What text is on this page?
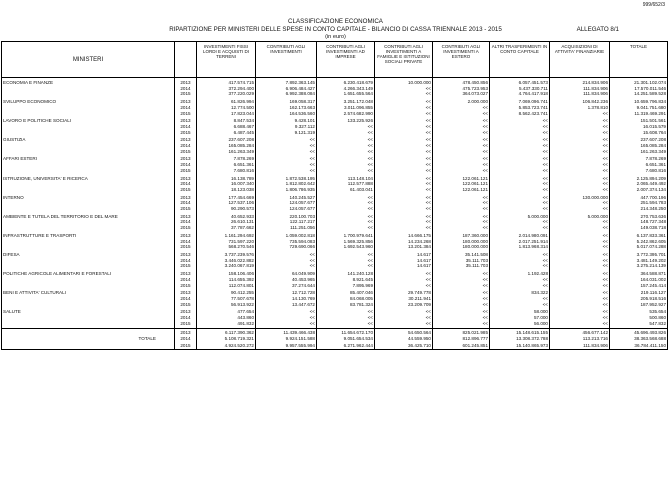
999/652/3
CLASSIFICAZIONE ECONOMICA
RIPARTIZIONE PER MINISTERI DELLE SPESE IN CONTO CAPITALE - BILANCIO DI CASSA TRIENNALE 2013 - 2015
(in euro)
ALLEGATO 8/1
MINISTERI		INVESTIMENTI FISSI LORDI E ACQUISTI DI TERRENI	CONTRIBUTI AGLI INVESTIMENTI	CONTRIBUTI AGLI INVESTIMENTI AD IMPRESE	CONTRIBUTI AGLI INVESTIMENTI A FAMIGLIE E ISTITUZIONI SOCIALI PRIVATE	CONTRIBUTI AGLI INVESTIMENTI A ESTERO	ALTRI TRASFERIMENTI IN CONTO CAPITALE	ACQUISIZIONI DI ATTIVITA' FINANZIARIE	TOTALE

ECONOMIA E FINANZE	2013	417.574.715	7.892.363.145	6.230.418.679	10.000.000	478.450.856	6.057.451.573	214.834.906	21.301.102.074
	2014	372.294.400	6.906.484.427	4.266.343.149	<<	475.723.953	5.437.330.711	111.834.906	17.570.011.546
	2015	377.220.029	6.992.388.084	1.651.655.564	<<	364.073.027	4.764.417.918	111.834.906	14.251.589.528

SVILUPPO ECONOMICO	2013	61.826.994	169.058.317	3.251.172.048	<<	2.000.000	7.069.096.741	106.842.236	10.659.796.834
	2014	12.774.500	162.173.663	3.011.096.855	<<	<<	5.853.723.741	1.378.810	9.041.751.680
	2015	17.823.044	164.536.560	2.574.682.990	<<	<<	8.562.423.741	<<	11.319.469.291

LAVORO E POLITICHE SOCIALI	2013	8.847.534	9.428.101	133.225.926	<<	<<	<<	<<	151.501.561
	2014	6.688.467	9.327.112	<<	<<	<<	<<	<<	16.015.579
	2015	6.487.445	9.121.319	<<	<<	<<	<<	<<	15.608.764

GIUSTIZIA	2013	237.607.208	<<	<<	<<	<<	<<	<<	237.607.208
	2014	165.085.284	<<	<<	<<	<<	<<	<<	165.085.284
	2015	161.263.349	<<	<<	<<	<<	<<	<<	161.263.349

AFFARI ESTERI	2013	7.878.269	<<	<<	<<	<<	<<	<<	7.878.269
	2014	6.651.361	<<	<<	<<	<<	<<	<<	6.651.361
	2015	7.680.816	<<	<<	<<	<<	<<	<<	7.680.816

ISTRUZIONE, UNIVERSITA' E RICERCA	2013	16.138.789	1.872.538.195	113.148.104	<<	122.061.121	<<	<<	2.125.894.209
	2014	16.007.340	1.812.802.642	112.577.888	<<	122.061.121	<<	<<	2.065.449.492
	2015	18.123.038	1.806.786.935	61.403.041	<<	122.061.121	<<	<<	2.007.374.134

INTERNO	2013	177.454.669	140.245.527	<<	<<	<<	<<	130.000.000	447.700.196
	2014	127.537.106	124.057.677	<<	<<	<<	<<	<<	251.594.783
	2015	90.290.573	124.057.677	<<	<<	<<	<<	<<	214.348.250

AMBIENTE E TUTELA DEL TERRITORIO E DEL MARE	2013	40.652.933	220.100.703	<<	<<	<<	5.000.000	5.000.000	270.753.636
	2014	26.610.131	122.117.217	<<	<<	<<	<<	<<	148.727.348
	2015	37.787.662	111.251.056	<<	<<	<<	<<	<<	149.038.718

INFRASTRUTTURE E TRASPORTI	2013	1.161.294.692	1.059.002.818	1.700.979.641	14.666.175	187.360.000	2.014.980.091	<<	6.137.833.361
	2014	731.597.220	735.594.083	1.569.325.856	14.234.268	180.000.000	2.017.251.914	<<	5.242.862.605
	2015	568.270.546	729.690.066	1.692.543.960	13.201.384	180.000.000	1.813.968.314	<<	5.017.074.288

DIFESA	2013	3.737.239.576	<<	<<	14.617	35.141.508	<<	<<	3.772.395.701
	2014	3.446.022.882	<<	<<	14.617	35.111.703	<<	<<	3.481.149.202
	2015	3.240.067.819	<<	<<	14.617	35.111.703	<<	<<	3.275.214.139

POLITICHE AGRICOLE ALIMENTARI E FORESTALI	2013	158.106.406	64.049.909	141.240.128	<<	<<	1.192.428	<<	364.588.871
	2014	114.655.392	40.453.965	8.921.645	<<	<<	<<	<<	164.031.002
	2015	112.074.801	37.274.644	7.895.969	<<	<<	<<	<<	157.245.414

BENI E ATTIVITA' CULTURALI	2013	90.412.255	12.712.728	85.407.046	29.749.778	<<	834.322	<<	219.116.127
	2014	77.507.678	14.130.769	84.068.005	30.211.941	<<	<<	<<	205.918.516
	2015	56.913.922	13.447.672	83.781.324	23.209.709	<<	<<	<<	187.952.927

SALUTE	2013	477.654	<<	<<	<<	<<	58.000	<<	535.654
	2014	443.860	<<	<<	<<	<<	57.000	<<	500.860
	2015	491.832	<<	<<	<<	<<	56.000	<<	547.832

	2013	6.117.390.362	11.439.466.438	11.654.672.170	54.650.564	825.021.985	15.148.615.155	456.677.142	45.696.493.826
TOTALE	2014	5.108.719.321	9.924.151.588	9.051.654.534	44.559.950	812.896.777	13.308.372.788	113.213.716	38.363.568.688
	2015	4.924.520.272	9.957.555.994	6.271.962.444	36.425.710	601.245.851	15.140.865.973	111.834.906	36.784.411.150
